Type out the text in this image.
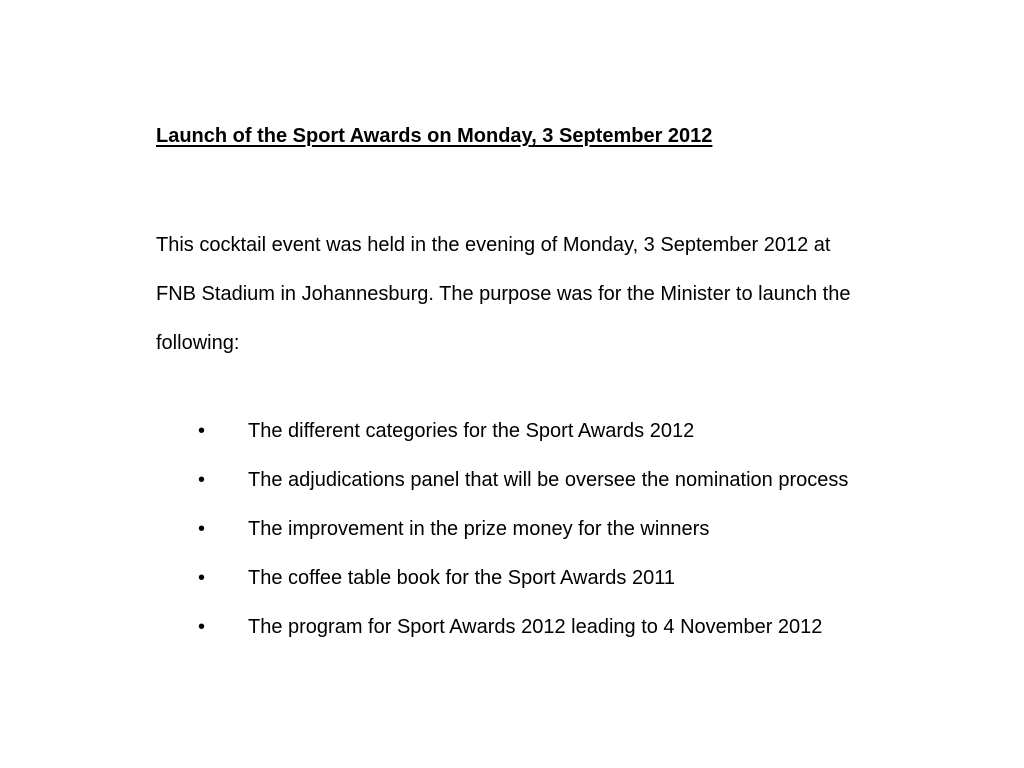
Launch of the Sport Awards on Monday, 3 September 2012

This cocktail event was held in the evening of Monday, 3 September 2012 at
FNB Stadium in Johannesburg. The purpose was for the Minister to launch the
following:

• The different categories for the Sport Awards 2012
• The adjudications panel that will be oversee the nomination process
• The improvement in the prize money for the winners
• The coffee table book for the Sport Awards 2011
• The program for Sport Awards 2012 leading to 4 November 2012
